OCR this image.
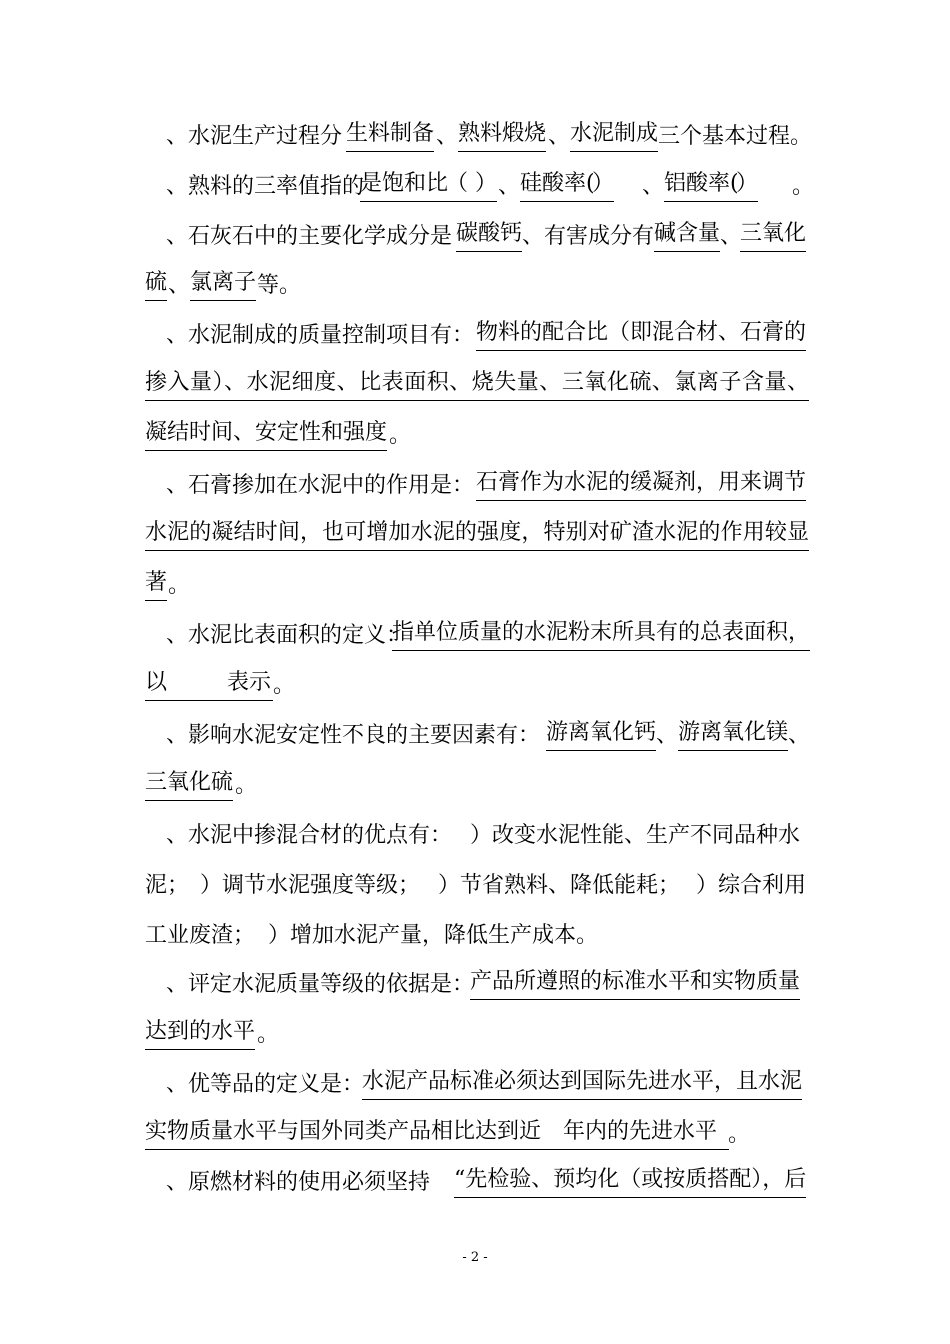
、水泥生产过程分 生料制备 、 熟料煅烧 、 水泥制成 三个基本过程。
、熟料的三率值指的
是饱和比
（ ） 、 硅酸率(
） 、 铝酸率(
） 。
、石灰石中的主要化学成分是 碳酸钙 、有害成分有 碱含量 、
三氧化
硫 、 氯离子 等。
、水泥制成的质量控制项目有： 物料的配合比（即混合材、石膏的
掺入量）、水泥细度、比表面积、烧失量、三氧化硫、氯离子含量、
凝结时间、安定性和强度 。
、石膏掺加在水泥中的作用是： 石膏作为水泥的缓凝剂，用来调节
水泥的凝结时间，也可增加水泥的强度，特别对矿渣水泥的作用较显
著 。
、水泥比表面积的定义：
指单位质量的水泥粉末所具有的总表面积，
以	表示 。
、影响水泥安定性不良的主要因素有： 游离氧化钙 、 游离氧化镁 、
三氧化硫 。
、水泥中掺混合材的优点有： ）改变水泥性能、生产不同品种水
泥； ）调节水泥强度等级； ）节省熟料、降低能耗； ）综合利用
工业废渣； ）增加水泥产量，降低生产成本。
、评定水泥质量等级的依据是：
产品所遵照的标准水平和实物质量
达到的水平 。
、优等品的定义是：
水泥产品标准必须达到国际先进水平，且水泥
实物质量水平与国外同类产品相比达到近 年内的先进水平 。
、原燃材料的使用必须坚持 “先检验、预均化（或按质搭配），后
- 2 -
